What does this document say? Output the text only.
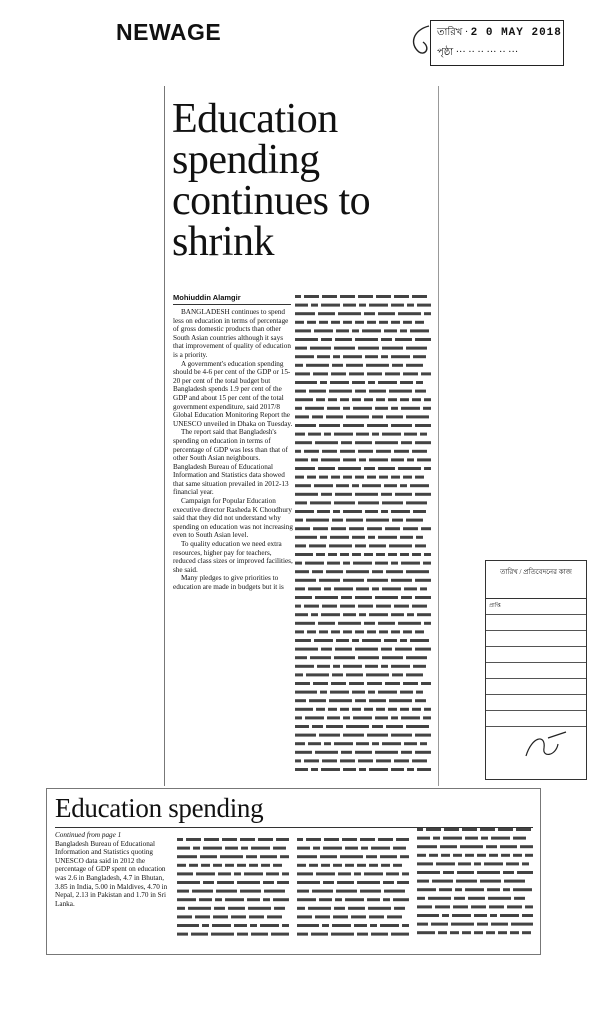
NEWAGE	তারিখ · 2 0 MAY 2018
পৃষ্ঠা ··· ·· ·· ··· ·· ···
Education spending continues to shrink
Mohiuddin Alamgir

BANGLADESH continues to spend less on education in terms of percentage of gross domestic products than other South Asian countries although it says that improvement of quality of education is a priority.

A government's education spending should be 4-6 per cent of the GDP or 15-20 per cent of the total budget but Bangladesh spends 1.9 per cent of the GDP and about 15 per cent of the total government expenditure, said 2017/8 Global Education Monitoring Report the UNESCO unveiled in Dhaka on Tuesday.

The report said that Bangladesh's spending on education in terms of percentage of GDP was less than that of other South Asian neighbours. Bangladesh Bureau of Educational Information and Statistics data showed that same situation prevailed in 2012-13 financial year.

Campaign for Popular Education executive director Rasheda K Choudhury said that they did not understand why spending on education was not increasing even to South Asian level.

To quality education we need extra resources, higher pay for teachers, reduced class sizes or improved facilities, she said.

Many pledges to give priorities to education are made in budgets but it is

তারিখ / প্রতিবেদনের কাজ
প্রাপ্তি
Education spending
Continued from page 1
Bangladesh Bureau of Educational Information and Statistics quoting UNESCO data said in 2012 the percentage of GDP spent on education was 2.6 in Bangladesh, 4.7 in Bhutan, 3.85 in India, 5.00 in Maldives, 4.70 in Nepal, 2.13 in Pakistan and 1.70 in Sri Lanka.
